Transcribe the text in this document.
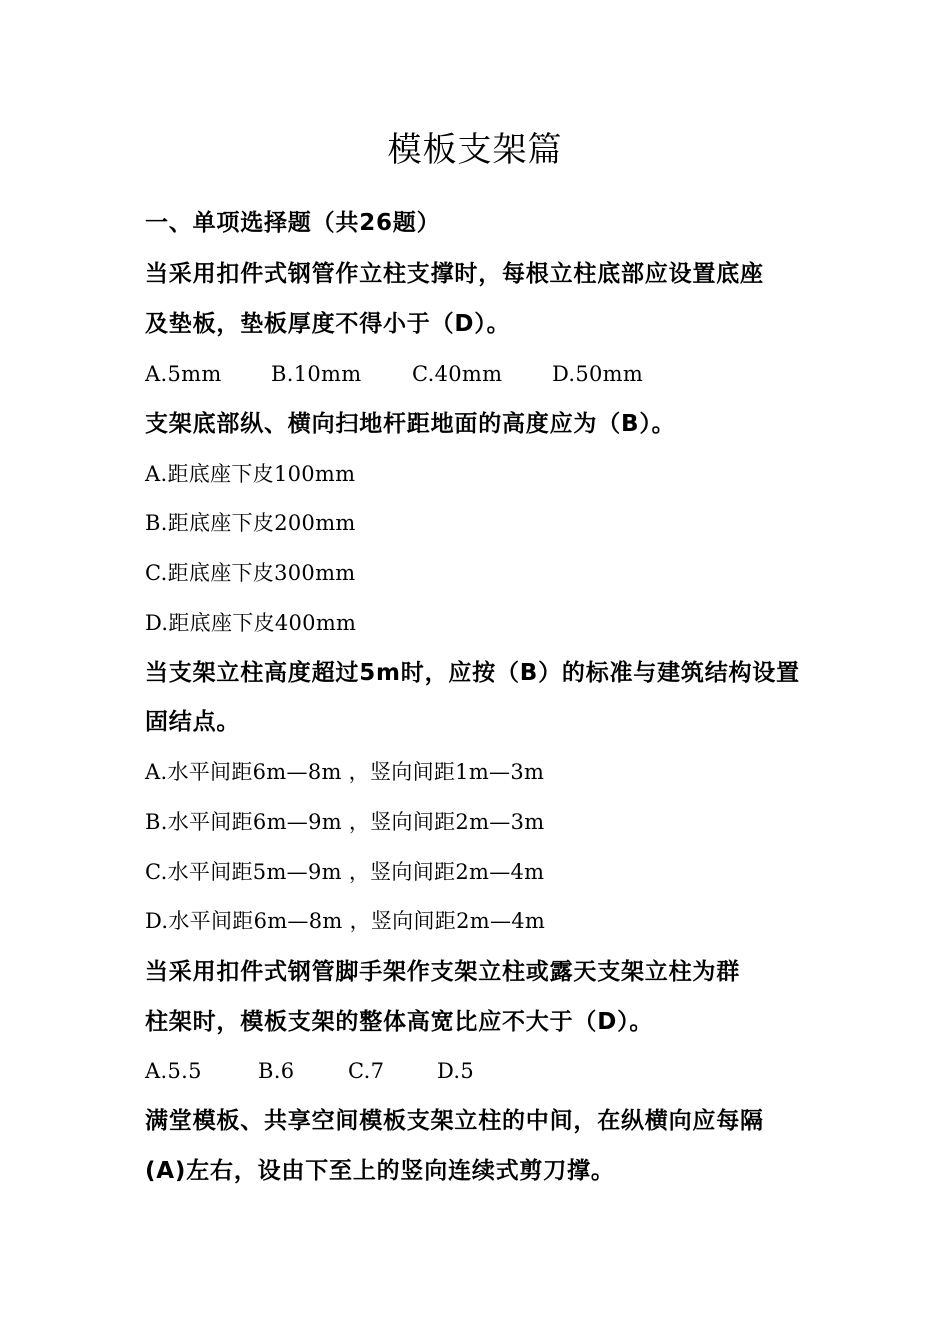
模板支架篇
一、单项选择题（共26题）
当采用扣件式钢管作立柱支撑时，每根立柱底部应设置底座
及垫板，垫板厚度不得小于（D）。
A.5mm B.10mm C.40mm D.50mm
支架底部纵、横向扫地杆距地面的高度应为（B）。
A.距底座下皮100mm
B.距底座下皮200mm
C.距底座下皮300mm
D.距底座下皮400mm
当支架立柱高度超过5m时，应按（B）的标准与建筑结构设置
固结点。
A.水平间距6m—8m ，竖向间距1m—3m
B.水平间距6m—9m ，竖向间距2m—3m
C.水平间距5m—9m ，竖向间距2m—4m
D.水平间距6m—8m ，竖向间距2m—4m
当采用扣件式钢管脚手架作支架立柱或露天支架立柱为群
柱架时，模板支架的整体高宽比应不大于（D）。
A.5.5	B.6	C.7	D.5
满堂模板、共享空间模板支架立柱的中间，在纵横向应每隔
(A)左右，设由下至上的竖向连续式剪刀撑。
